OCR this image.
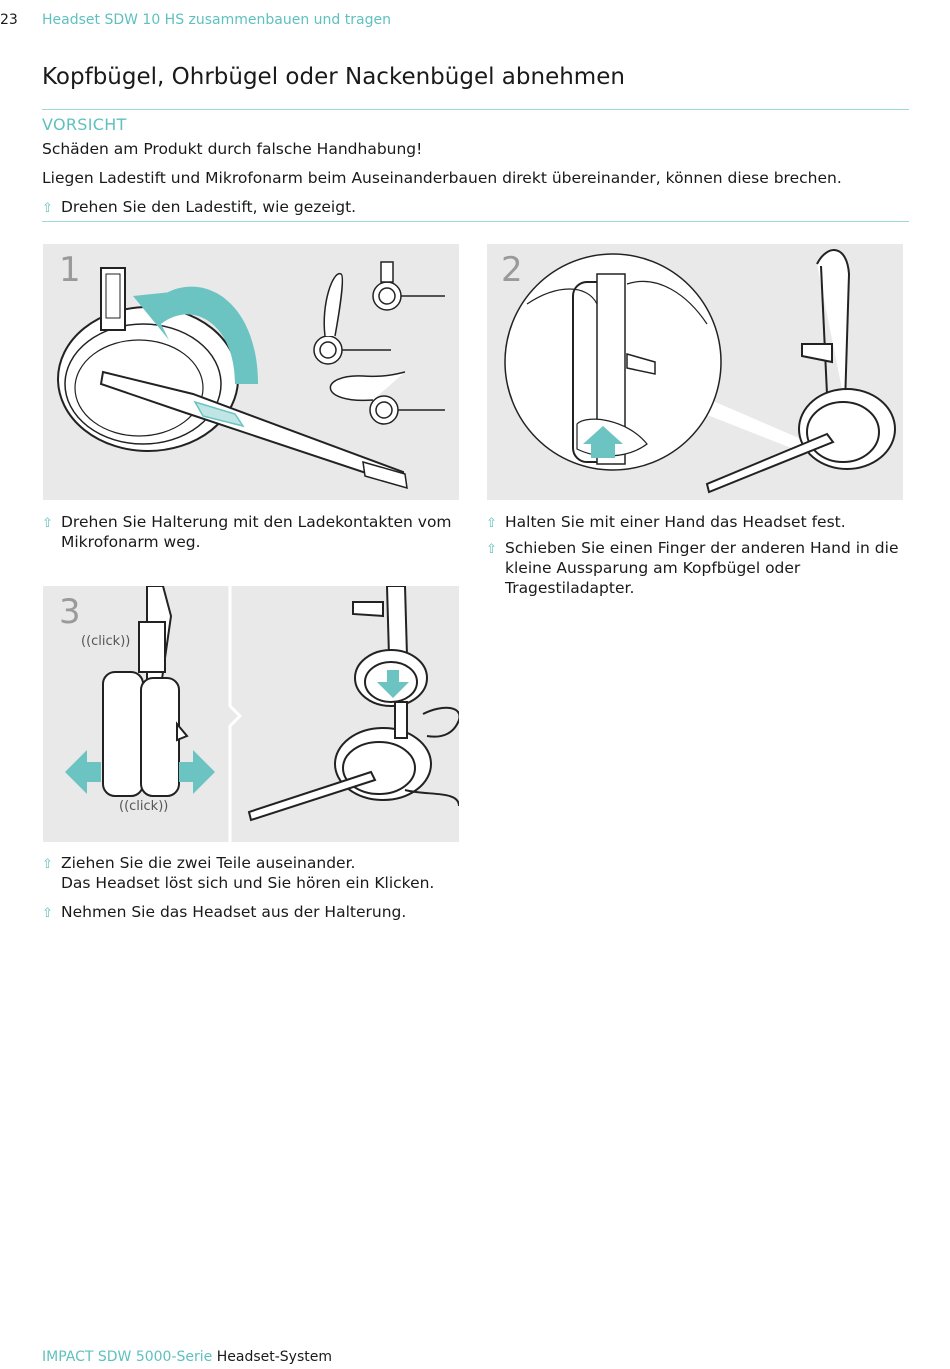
23 Headset SDW 10 HS zusammenbauen und tragen
Kopfbügel, Ohrbügel oder Nackenbügel abnehmen
VORSICHT
Schäden am Produkt durch falsche Handhabung!
Liegen Ladestift und Mikrofonarm beim Auseinanderbauen direkt übereinander, können diese brechen.
⇧ Drehen Sie den Ladestift, wie gezeigt.
1	2
⇧ Drehen Sie Halterung mit den Ladekontakten vom Mikrofonarm weg.
⇧ Halten Sie mit einer Hand das Headset fest.
⇧ Schieben Sie einen Finger der anderen Hand in die kleine Aussparung am Kopfbügel oder Tragestiladapter.
3
((click))
((click))
⇧ Ziehen Sie die zwei Teile auseinander.
Das Headset löst sich und Sie hören ein Klicken.
⇧ Nehmen Sie das Headset aus der Halterung.
IMPACT SDW 5000-Serie Headset-System
